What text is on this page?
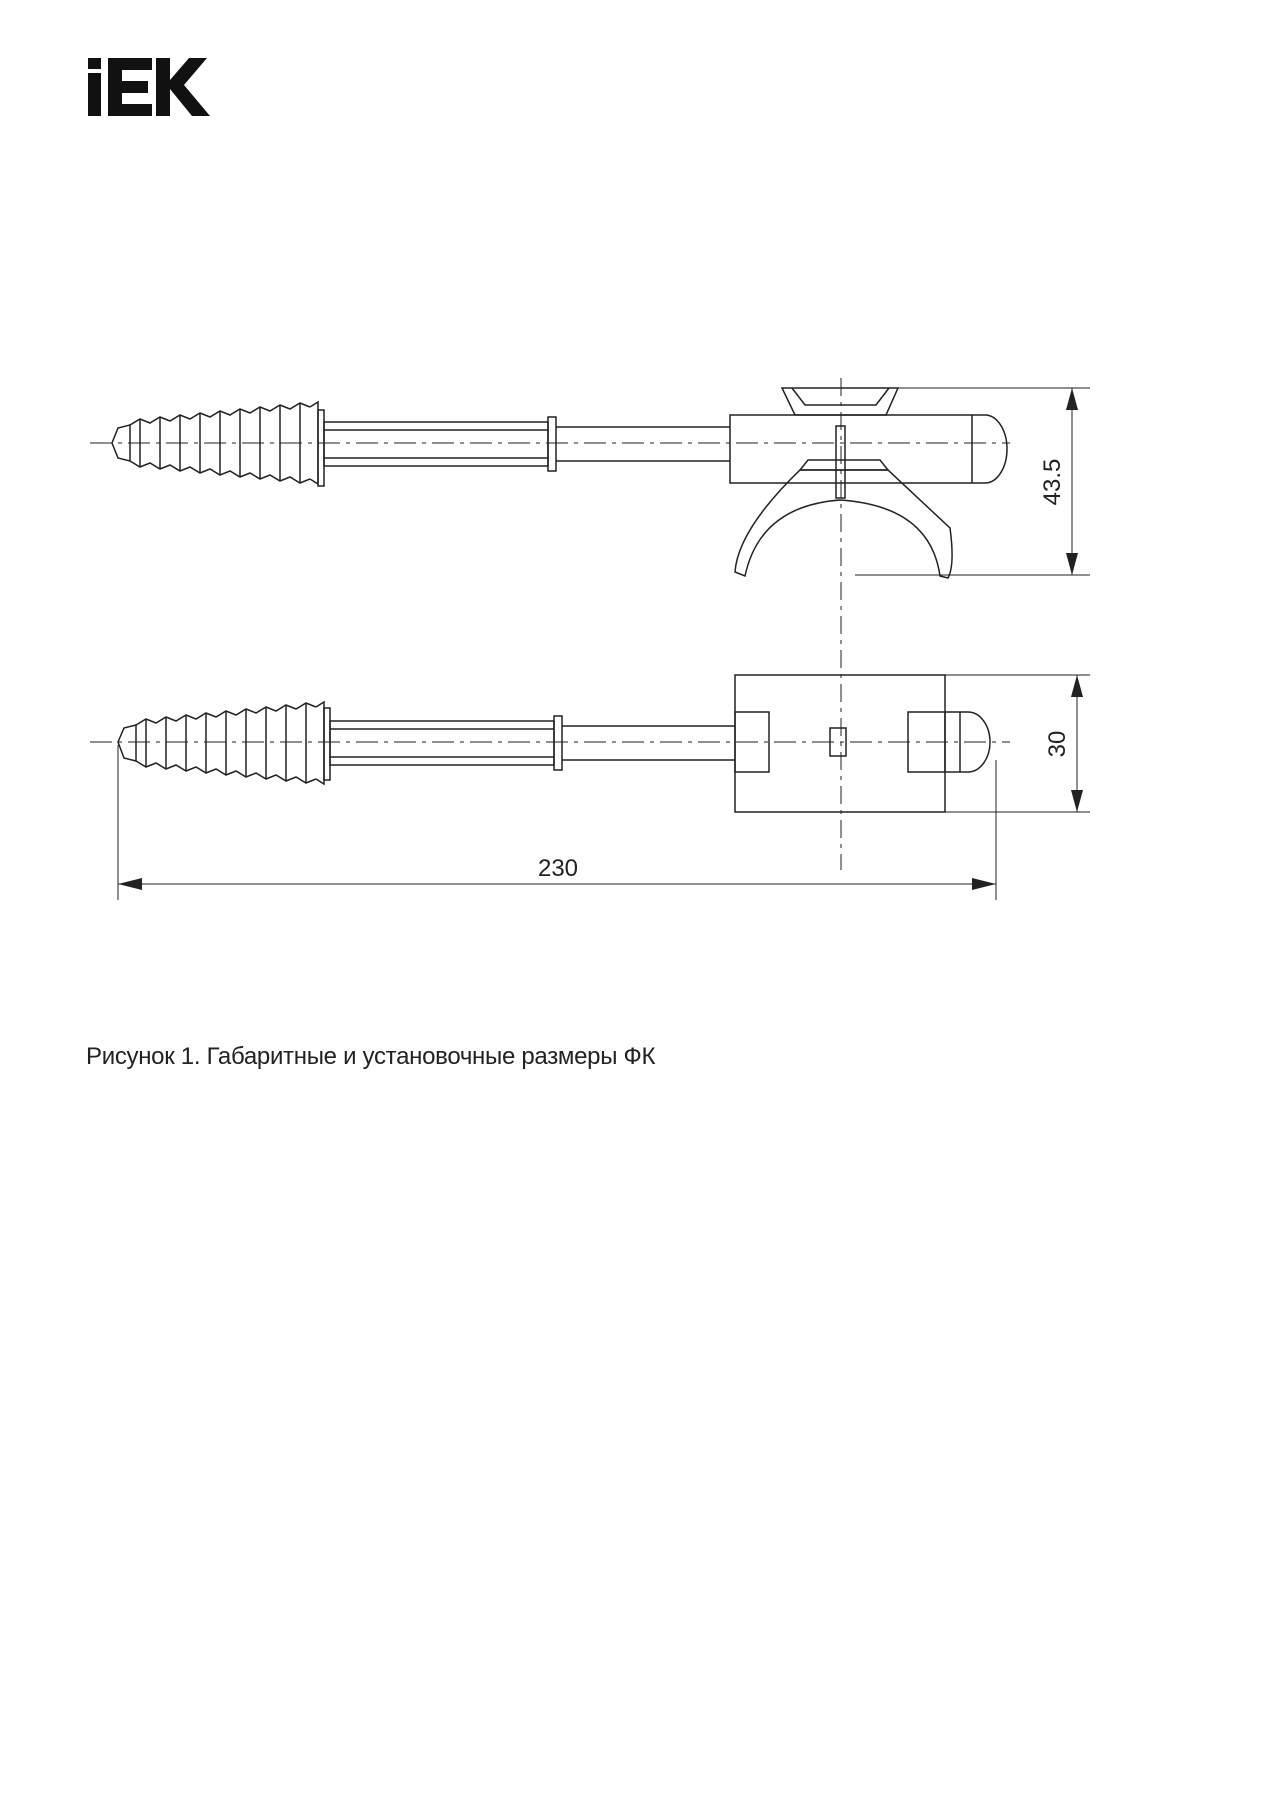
43.5
30
230
Рисунок 1. Габаритные и установочные размеры ФК
